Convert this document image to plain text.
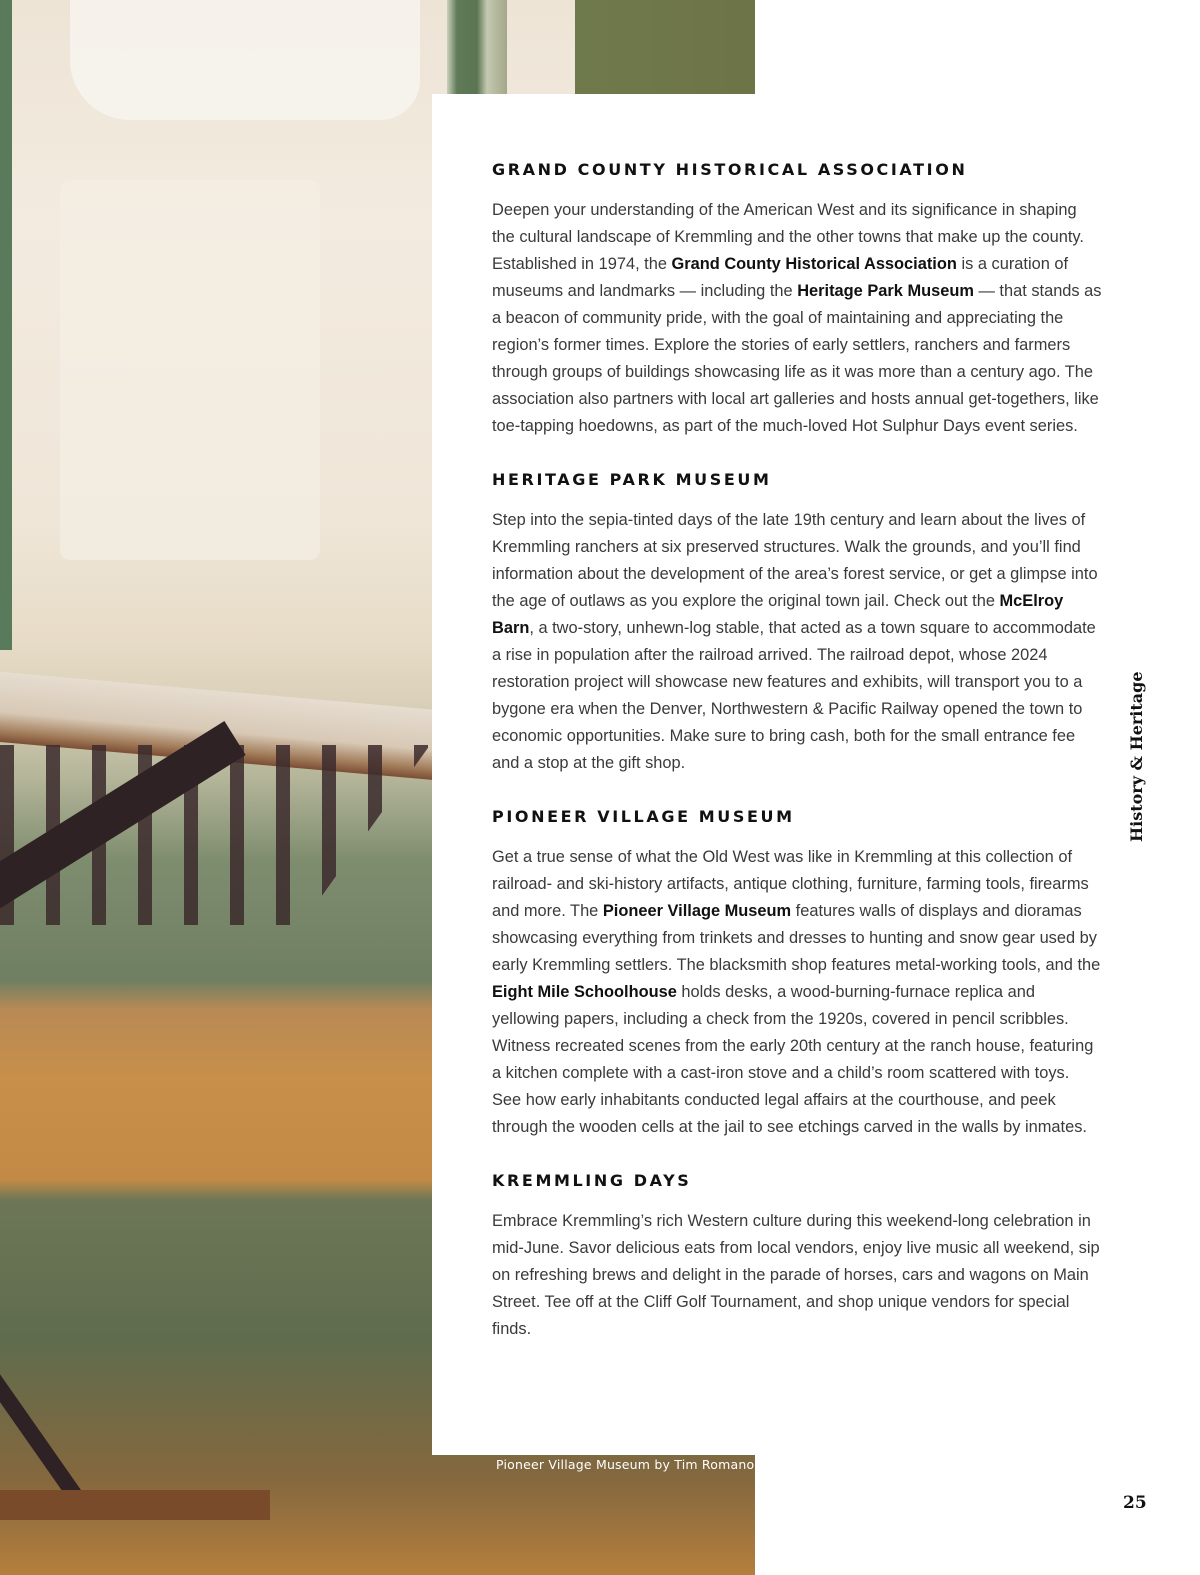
GRAND COUNTY HISTORICAL ASSOCIATION

Deepen your understanding of the American West and its significance in shaping the cultural landscape of Kremmling and the other towns that make up the county. Established in 1974, the Grand County Historical Association is a curation of museums and landmarks — including the Heritage Park Museum — that stands as a beacon of community pride, with the goal of maintaining and appreciating the region’s former times. Explore the stories of early settlers, ranchers and farmers through groups of buildings showcasing life as it was more than a century ago. The association also partners with local art galleries and hosts annual get-togethers, like toe-tapping hoedowns, as part of the much-loved Hot Sulphur Days event series.

HERITAGE PARK MUSEUM

Step into the sepia-tinted days of the late 19th century and learn about the lives of Kremmling ranchers at six preserved structures. Walk the grounds, and you’ll find information about the development of the area’s forest service, or get a glimpse into the age of outlaws as you explore the original town jail. Check out the McElroy Barn, a two-story, unhewn-log stable, that acted as a town square to accommodate a rise in population after the railroad arrived. The railroad depot, whose 2024 restoration project will showcase new features and exhibits, will transport you to a bygone era when the Denver, Northwestern & Pacific Railway opened the town to economic opportunities. Make sure to bring cash, both for the small entrance fee and a stop at the gift shop.

PIONEER VILLAGE MUSEUM

Get a true sense of what the Old West was like in Kremmling at this collection of railroad- and ski-history artifacts, antique clothing, furniture, farming tools, firearms and more. The Pioneer Village Museum features walls of displays and dioramas showcasing everything from trinkets and dresses to hunting and snow gear used by early Kremmling settlers. The blacksmith shop features metal-working tools, and the Eight Mile Schoolhouse holds desks, a wood-burning-furnace replica and yellowing papers, including a check from the 1920s, covered in pencil scribbles. Witness recreated scenes from the early 20th century at the ranch house, featuring a kitchen complete with a cast-iron stove and a child’s room scattered with toys. See how early inhabitants conducted legal affairs at the courthouse, and peek through the wooden cells at the jail to see etchings carved in the walls by inmates.

KREMMLING DAYS

Embrace Kremmling’s rich Western culture during this weekend-long celebration in mid-June. Savor delicious eats from local vendors, enjoy live music all weekend, sip on refreshing brews and delight in the parade of horses, cars and wagons on Main Street. Tee off at the Cliff Golf Tournament, and shop unique vendors for special finds.

Pioneer Village Museum by Tim Romano
History & Heritage
25
